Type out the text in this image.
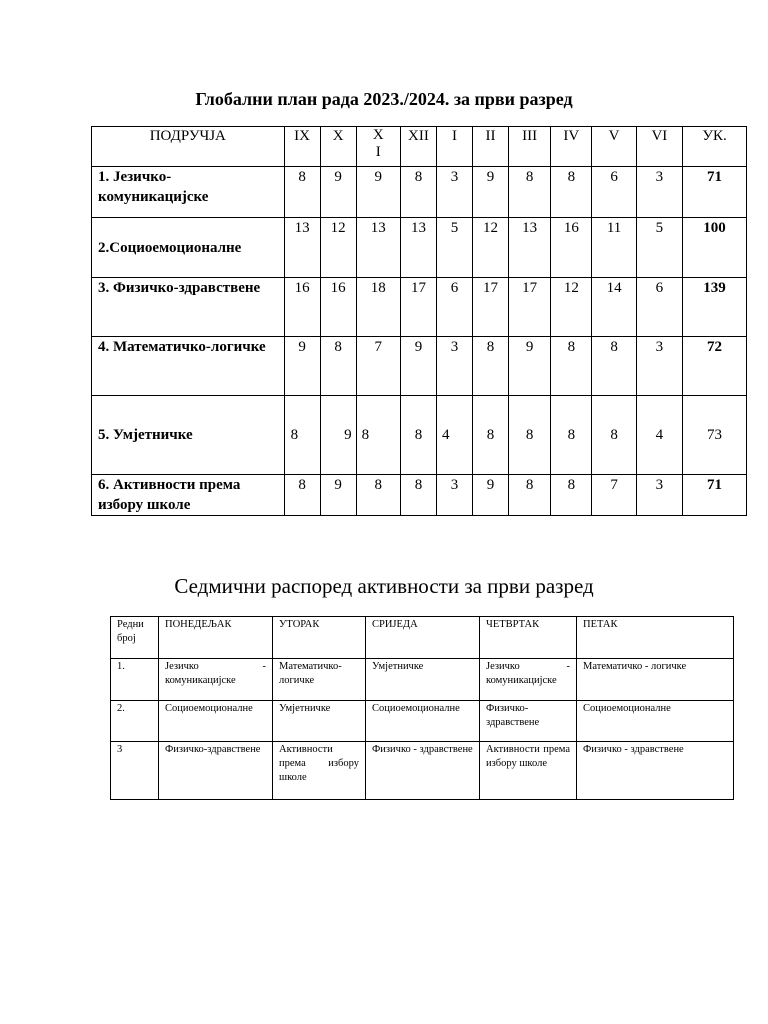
Глобални план рада 2023./2024. за први разред
ПОДРУЧЈА	IX	X	XI	XII	I	II	III	IV	V	VI	УК.
1. Језичко-комуникацијске	8	9	9	8	3	9	8	8	6	3	71
2.Социоемоционалне	13	12	13	13	5	12	13	16	11	5	100
3. Физичко-здравствене	16	16	18	17	6	17	17	12	14	6	139
4. Математичко-логичке	9	8	7	9	3	8	9	8	8	3	72
5. Умјетничке	8	9	8	8	4	8	8	8	8	4	73
6. Активности према избору школе	8	9	8	8	3	9	8	8	7	3	71
Седмични распоред активности за први разред
Редни број	ПОНЕДЕЉАК	УТОРАК	СРИЈЕДА	ЧЕТВРТАК	ПЕТАК
1.	Језичко - комуникацијске	Математичко-логичке	Умјетничке	Језичко - комуникацијске	Математичко - логичке
2.	Социоемоционалне	Умјетничке	Социоемоционалне	Физичко-здравствене	Социоемоционалне
3	Физичко-здравствене	Активности према избору школе	Физичко - здравствене	Активности према избору школе	Физичко - здравствене
